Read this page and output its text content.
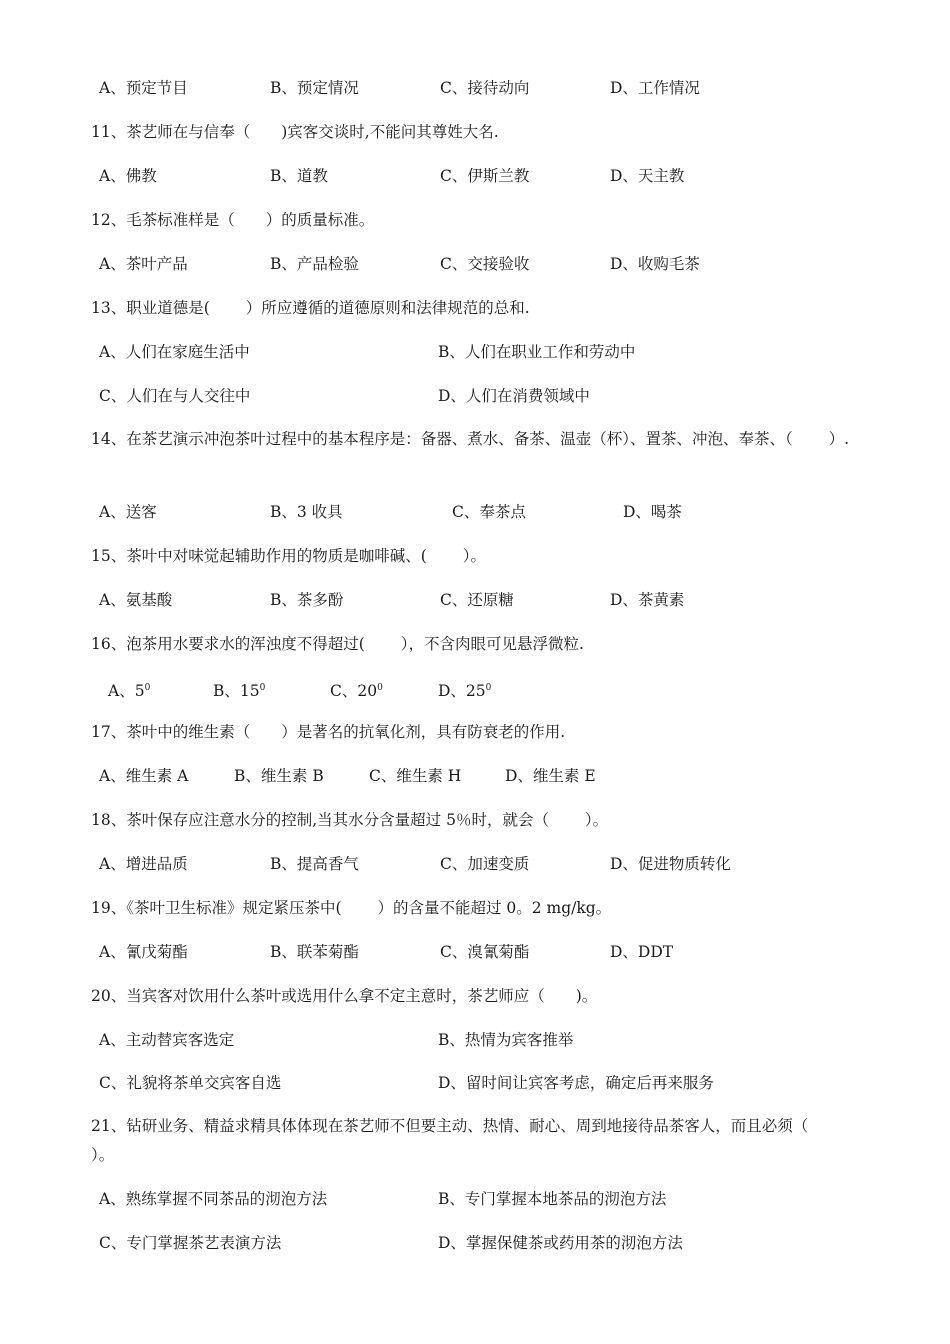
A、预定节目	B、预定情况	C、接待动向	D、工作情况
11、茶艺师在与信奉（　　)宾客交谈时,不能问其尊姓大名.
A、佛教	B、道教	C、伊斯兰教	D、天主教
12、毛茶标准样是（　　）的质量标准。
A、茶叶产品	B、产品检验	C、交接验收	D、收购毛茶
13、职业道德是(　　 ）所应遵循的道德原则和法律规范的总和.
A、人们在家庭生活中	B、人们在职业工作和劳动中
C、人们在与人交往中	D、人们在消费领域中
14、在茶艺演示冲泡茶叶过程中的基本程序是：备器、煮水、备茶、温壶（杯）、置茶、冲泡、奉茶、（　　 ）.
A、送客	B、3 收具	C、奉茶点	D、喝茶
15、茶叶中对味觉起辅助作用的物质是咖啡碱、(　　 ）。
A、氨基酸	B、茶多酚	C、还原糖	D、茶黄素
16、泡茶用水要求水的浑浊度不得超过(　　 ），不含肉眼可见悬浮微粒.
A、$5^0$	B、$15^0$	C、$20^0$	D、$25^0$
17、茶叶中的维生素（　　）是著名的抗氧化剂，具有防衰老的作用.
A、维生素 A	B、维生素 B	C、维生素 H	D、维生素 E
18、茶叶保存应注意水分的控制,当其水分含量超过 5％时，就会（　　 ）。
A、增进品质	B、提高香气	C、加速变质	D、促进物质转化
19、《茶叶卫生标准》规定紧压茶中(　　 ）的含量不能超过 0。2 mg/kg。
A、氰戊菊酯	B、联苯菊酯	C、溴氰菊酯	D、DDT
20、当宾客对饮用什么茶叶或选用什么拿不定主意时，茶艺师应（　　)。
A、主动替宾客选定	B、热情为宾客推举
C、礼貌将茶单交宾客自选	D、留时间让宾客考虑，确定后再来服务
21、钻研业务、精益求精具体体现在茶艺师不但要主动、热情、耐心、周到地接待品茶客人，而且必须（　　 ）。
A、熟练掌握不同茶品的沏泡方法	B、专门掌握本地茶品的沏泡方法
C、专门掌握茶艺表演方法	D、掌握保健茶或药用茶的沏泡方法
